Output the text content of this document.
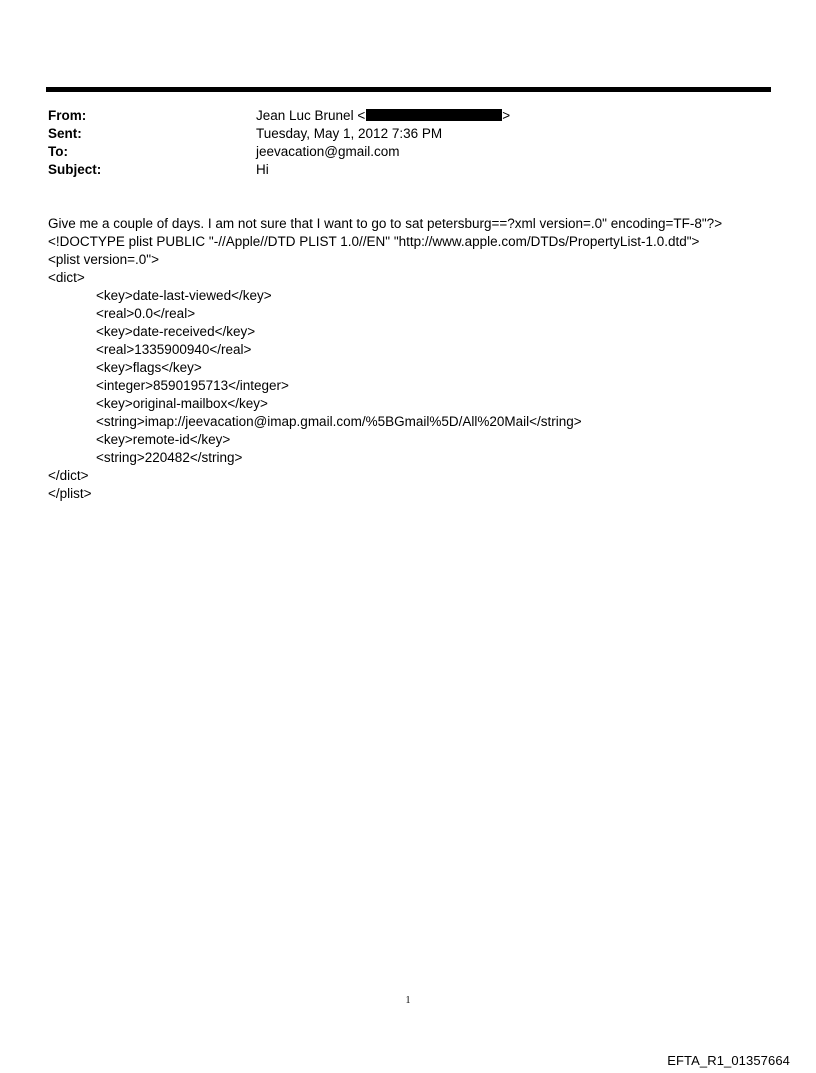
From:	Jean Luc Brunel <	>
Sent:	Tuesday, May 1, 2012 7:36 PM
To:	jeevacation@gmail.com
Subject:	Hi
Give me a couple of days. I am not sure that I want to go to sat petersburg==?xml version=.0" encoding=TF-8"?>
<!DOCTYPE plist PUBLIC "-//Apple//DTD PLIST 1.0//EN" "http://www.apple.com/DTDs/PropertyList-1.0.dtd">
<plist version=.0">
<dict>
<key>date-last-viewed</key>
<real>0.0</real>
<key>date-received</key>
<real>1335900940</real>
<key>flags</key>
<integer>8590195713</integer>
<key>original-mailbox</key>
<string>imap://jeevacation@imap.gmail.com/%5BGmail%5D/All%20Mail</string>
<key>remote-id</key>
<string>220482</string>
</dict>
</plist>
1
EFTA_R1_01357664
